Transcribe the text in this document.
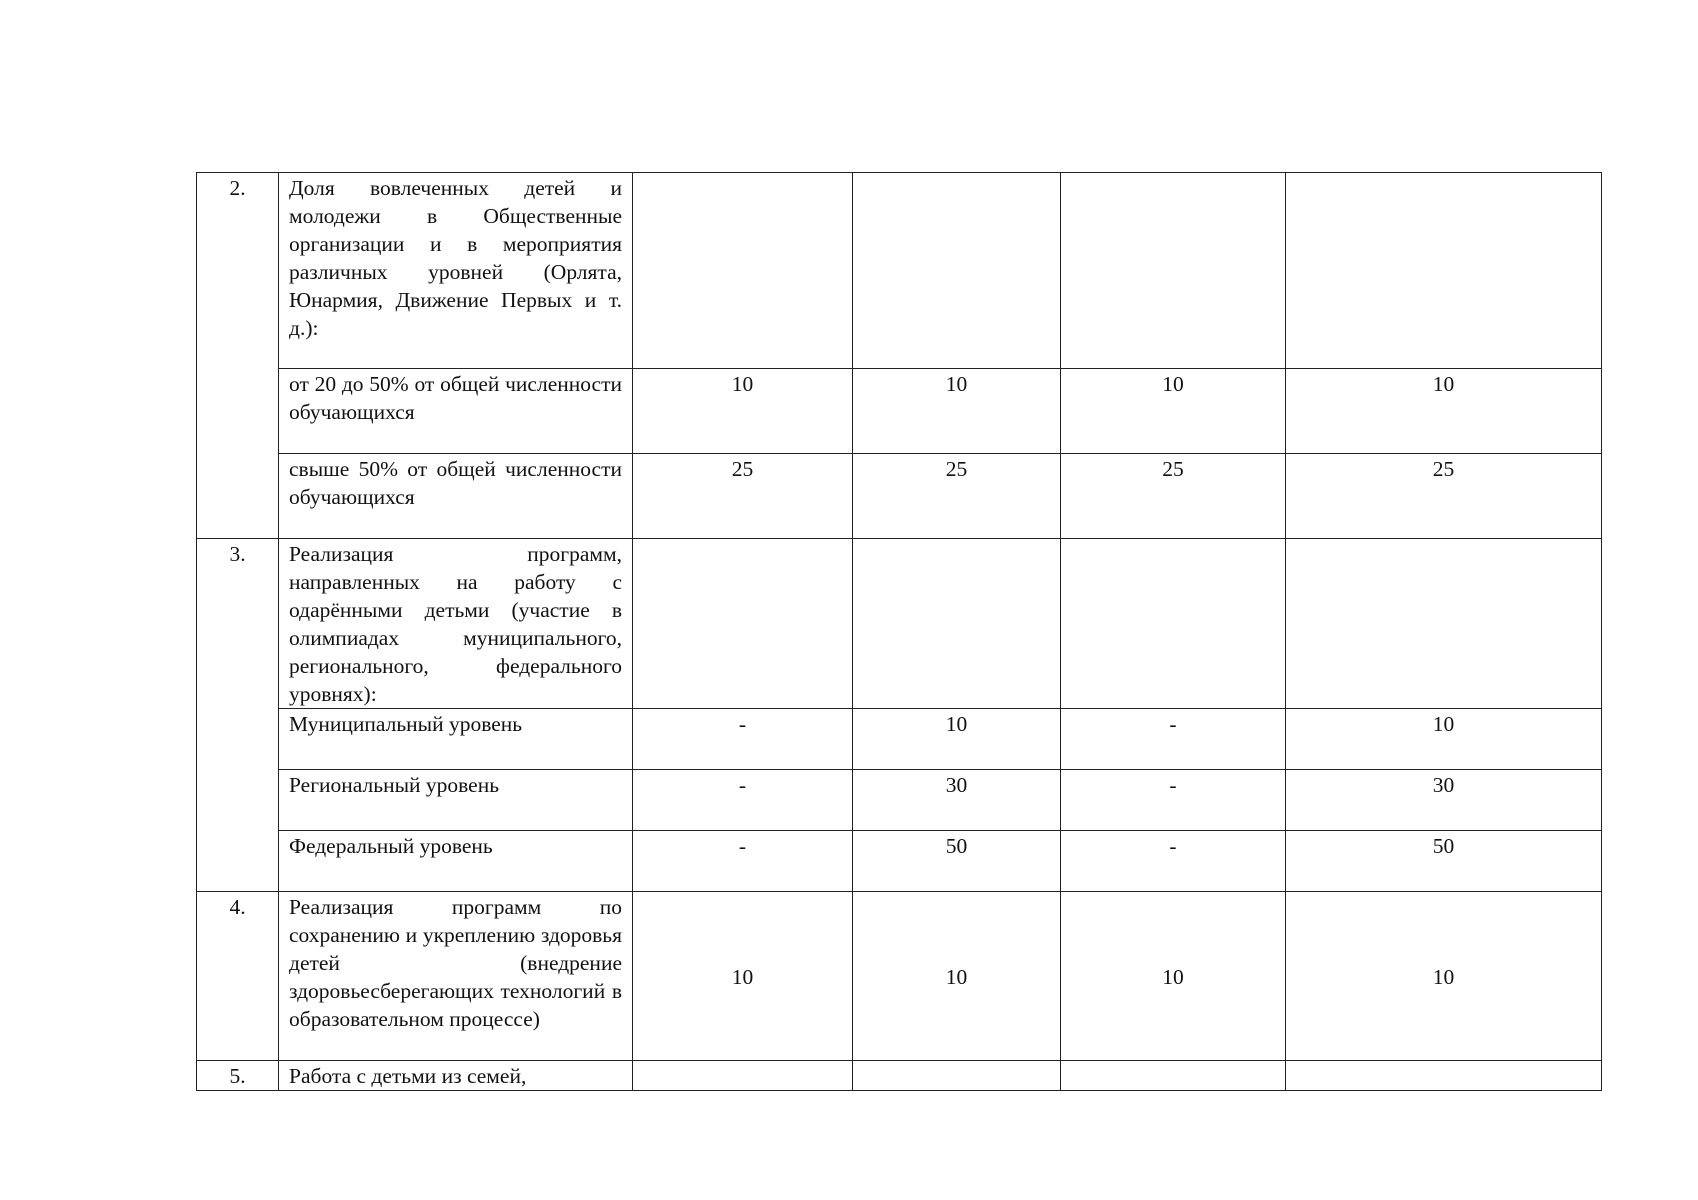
2.	Доля вовлеченных детей и молодежи в Общественные организации и в мероприятия различных уровней (Орлята, Юнармия, Движение Первых и т. д.):				
	от 20 до 50% от общей численности обучающихся	10	10	10	10
	свыше 50% от общей численности обучающихся	25	25	25	25
3.	Реализация программ, направленных на работу с одарёнными детьми (участие в олимпиадах муниципального, регионального, федерального уровнях):				
	Муниципальный уровень	-	10	-	10
	Региональный уровень	-	30	-	30
	Федеральный уровень	-	50	-	50
4.	Реализация программ по сохранению и укреплению здоровья детей (внедрение здоровьесберегающих технологий в образовательном процессе)	10	10	10	10
5.	Работа с детьми из семей,				
